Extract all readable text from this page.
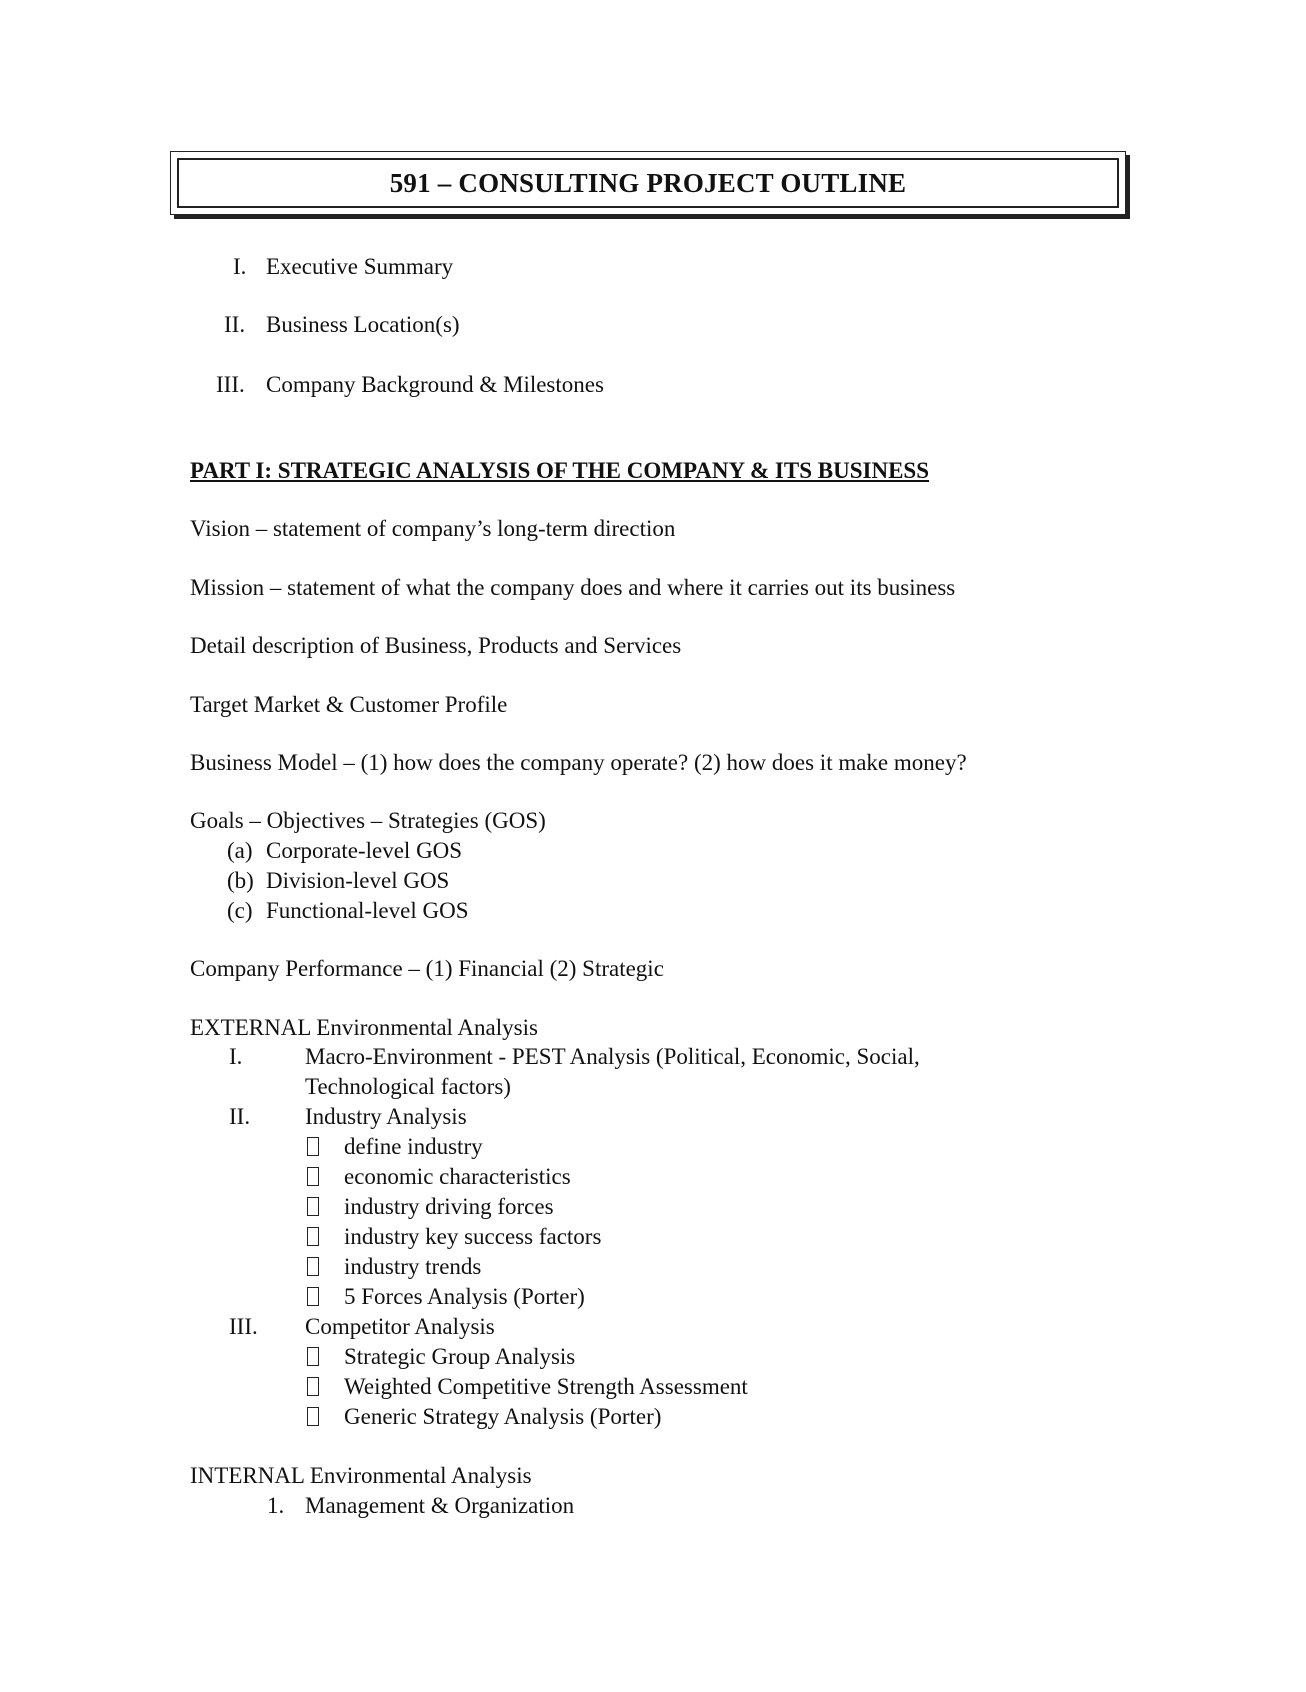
591 – CONSULTING PROJECT OUTLINE
I. Executive Summary
II. Business Location(s)
III. Company Background & Milestones
PART I: STRATEGIC ANALYSIS OF THE COMPANY & ITS BUSINESS
Vision – statement of company’s long-term direction
Mission – statement of what the company does and where it carries out its business
Detail description of Business, Products and Services
Target Market & Customer Profile
Business Model – (1) how does the company operate? (2) how does it make money?
Goals – Objectives – Strategies (GOS)
(a) Corporate-level GOS
(b) Division-level GOS
(c) Functional-level GOS
Company Performance – (1) Financial (2) Strategic
EXTERNAL Environmental Analysis
I.	Macro-Environment - PEST Analysis (Political, Economic, Social,
Technological factors)
II. Industry Analysis
define industry
economic characteristics
industry driving forces
industry key success factors
industry trends
5 Forces Analysis (Porter)
III. Competitor Analysis
Strategic Group Analysis
Weighted Competitive Strength Assessment
Generic Strategy Analysis (Porter)
INTERNAL Environmental Analysis
1. Management & Organization
